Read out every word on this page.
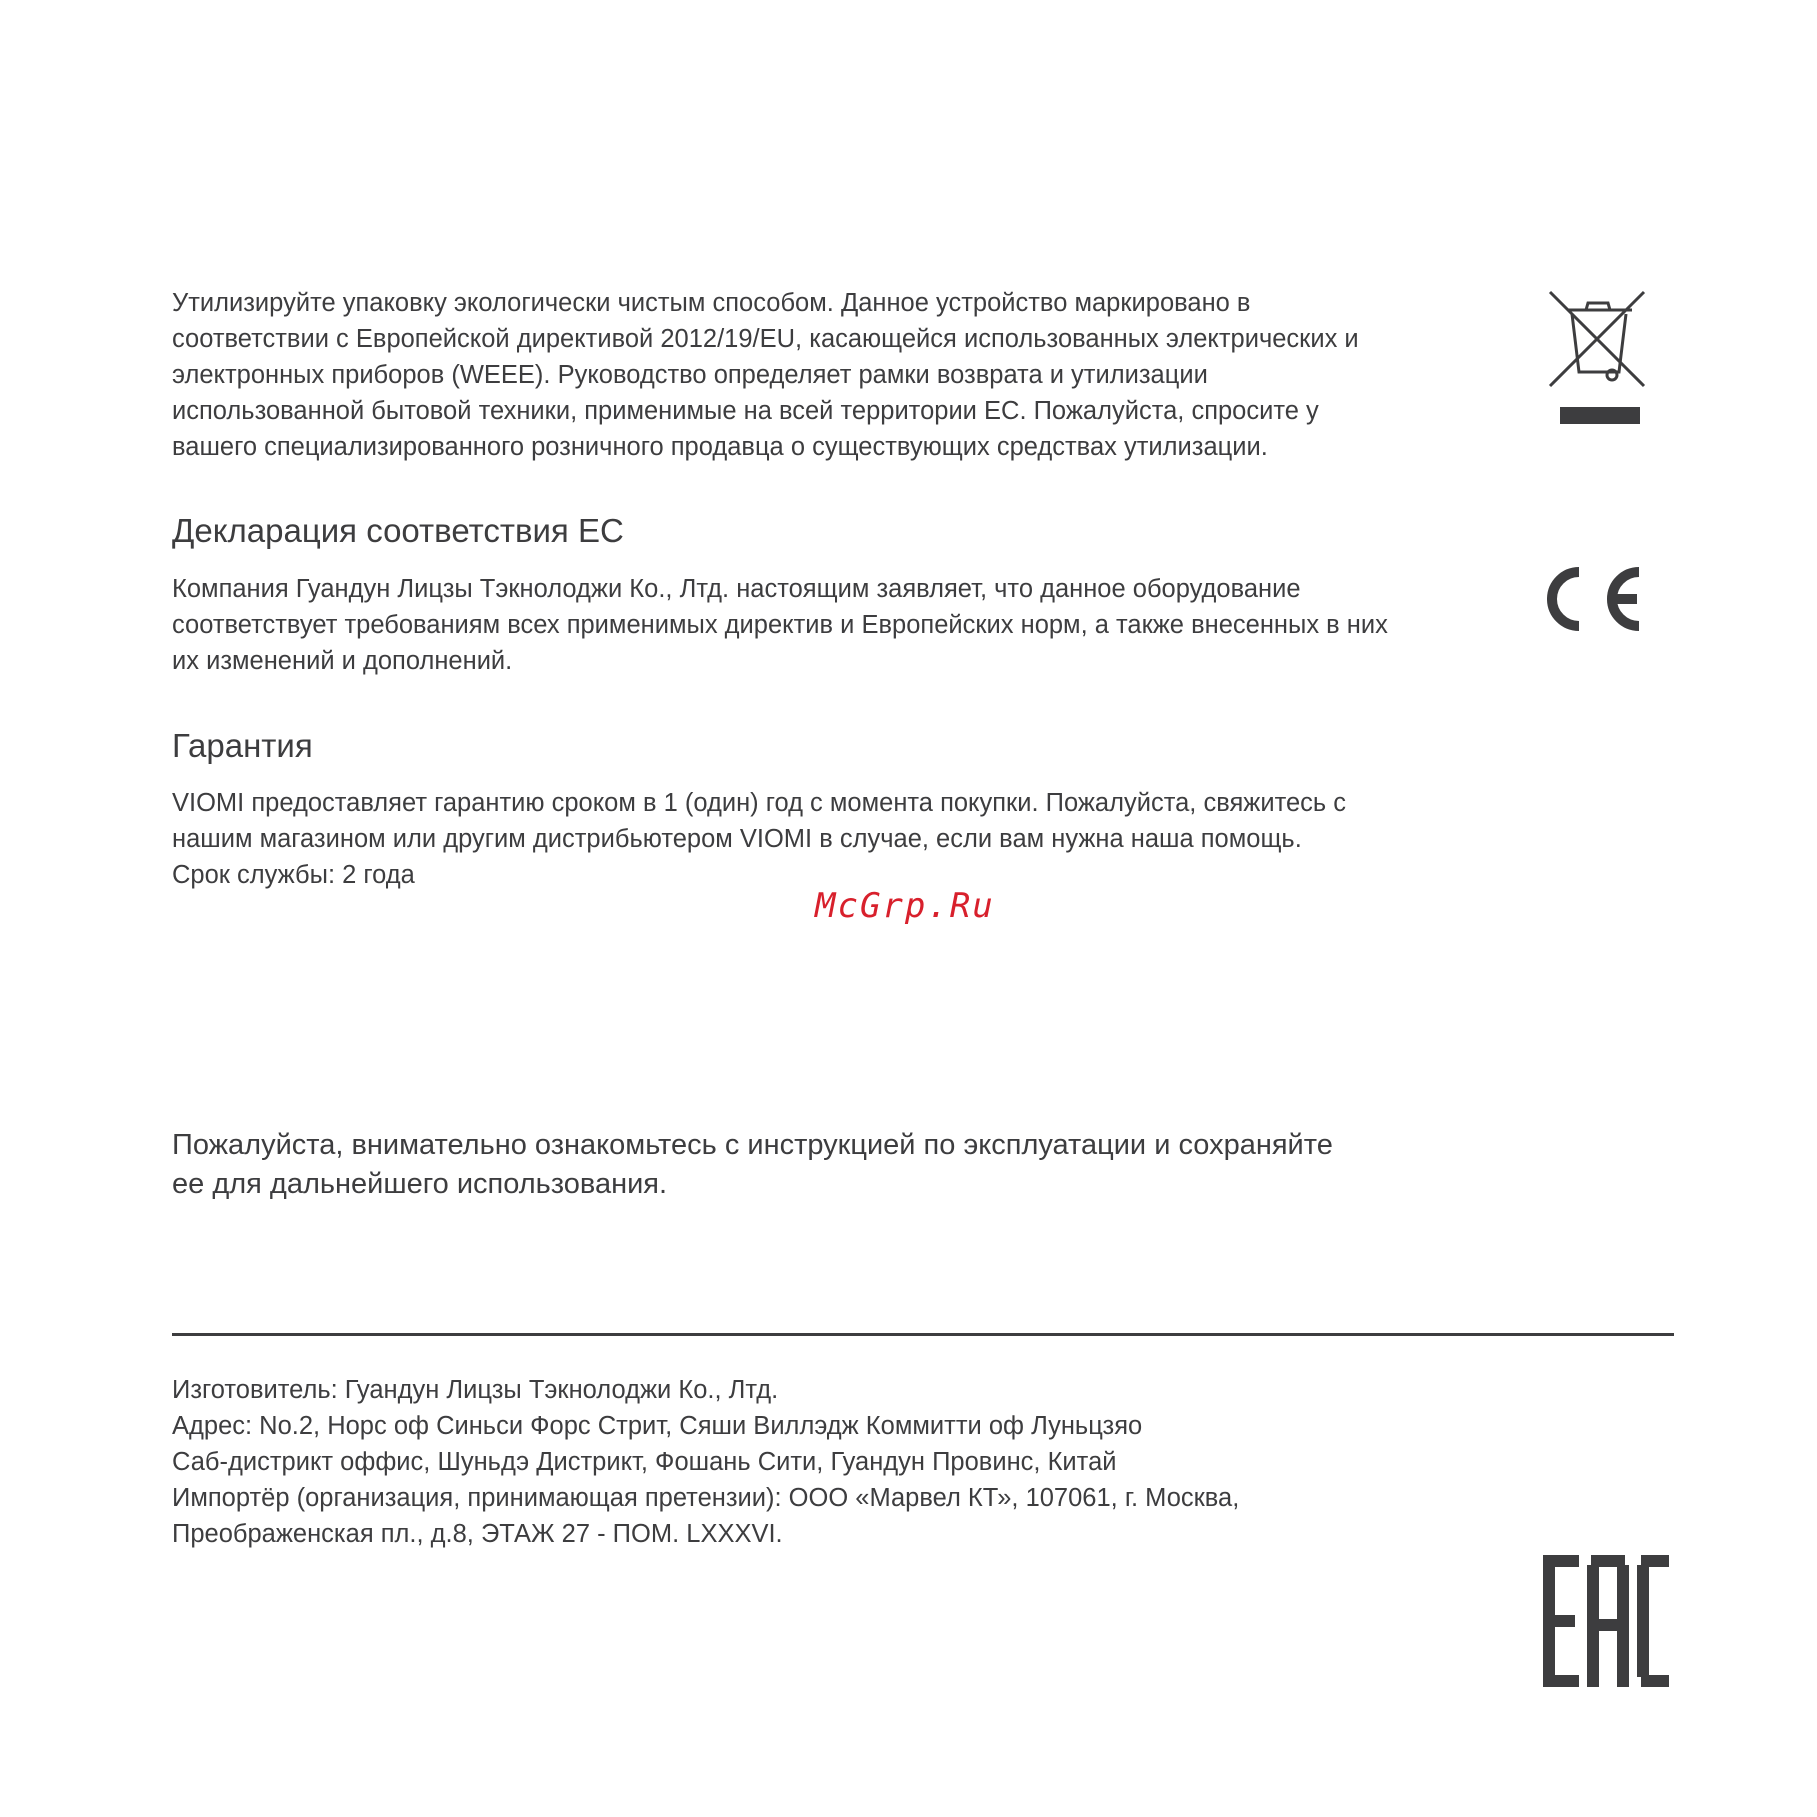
Утилизируйте упаковку экологически чистым способом. Данное устройство маркировано в
соответствии с Европейской директивой 2012/19/EU, касающейся использованных электрических и
электронных приборов (WEEE). Руководство определяет рамки возврата и утилизации
использованной бытовой техники, применимые на всей территории ЕС. Пожалуйста, спросите у
вашего специализированного розничного продавца о существующих средствах утилизации.
Декларация соответствия ЕС
Компания Гуандун Лицзы Тэкнолоджи Ко., Лтд. настоящим заявляет, что данное оборудование
соответствует требованиям всех применимых директив и Европейских норм, а также внесенных в них
их изменений и дополнений.
Гарантия
VIOMI предоставляет гарантию сроком в 1 (один) год с момента покупки. Пожалуйста, свяжитесь с
нашим магазином или другим дистрибьютером VIOMI в случае, если вам нужна наша помощь.
Срок службы: 2 года
McGrp.Ru
Пожалуйста, внимательно ознакомьтесь с инструкцией по эксплуатации и сохраняйте
ее для дальнейшего использования.
Изготовитель: Гуандун Лицзы Тэкнолоджи Ко., Лтд.
Адрес: No.2, Норс оф Синьси Форс Стрит, Сяши Виллэдж Коммитти оф Луньцзяо
Саб-дистрикт оффис, Шуньдэ Дистрикт, Фошань Сити, Гуандун Провинс, Китай
Импортёр (организация, принимающая претензии): ООО «Марвел КТ», 107061, г. Москва,
Преображенская пл., д.8, ЭТАЖ 27 - ПОМ. LXXXVI.
